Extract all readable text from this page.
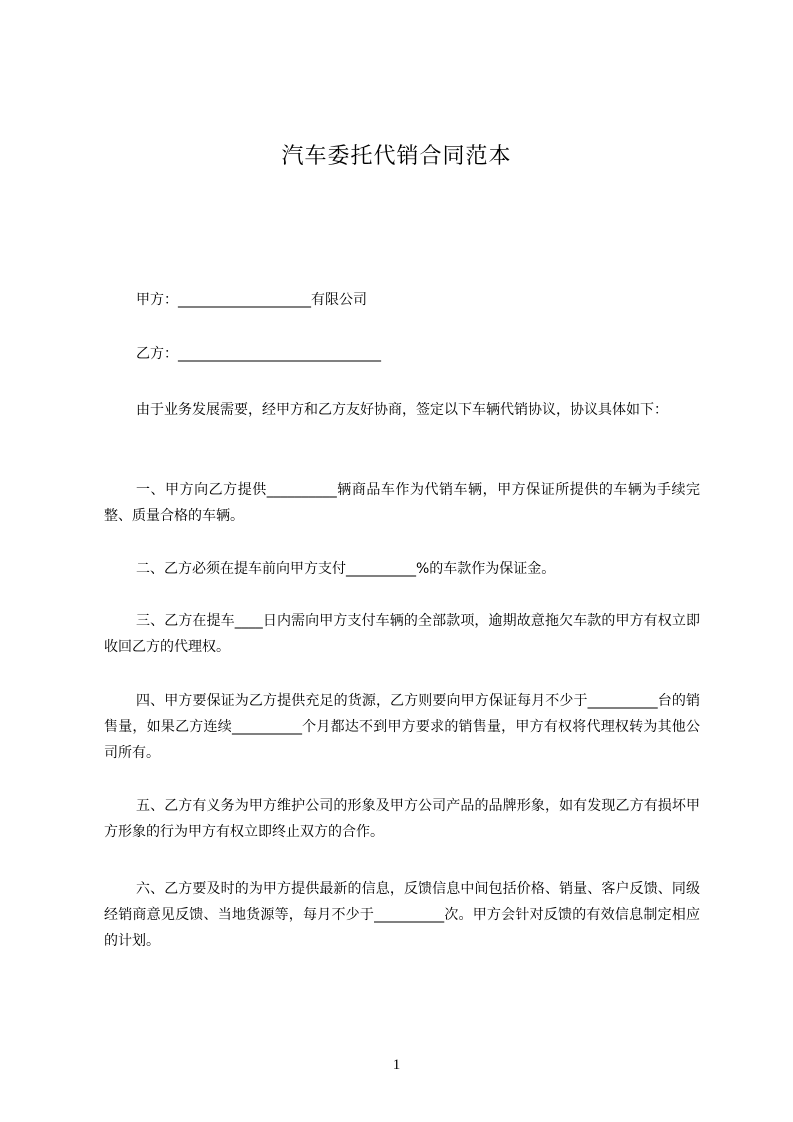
汽车委托代销合同范本

甲方：___________________有限公司

乙方：_____________________________

由于业务发展需要，经甲方和乙方友好协商，签定以下车辆代销协议，协议具体如下：

一、甲方向乙方提供__________辆商品车作为代销车辆，甲方保证所提供的车辆为手续完整、质量合格的车辆。

二、乙方必须在提车前向甲方支付__________%的车款作为保证金。

三、乙方在提车____日内需向甲方支付车辆的全部款项，逾期故意拖欠车款的甲方有权立即收回乙方的代理权。

四、甲方要保证为乙方提供充足的货源，乙方则要向甲方保证每月不少于__________台的销售量，如果乙方连续__________个月都达不到甲方要求的销售量，甲方有权将代理权转为其他公司所有。

五、乙方有义务为甲方维护公司的形象及甲方公司产品的品牌形象，如有发现乙方有损坏甲方形象的行为甲方有权立即终止双方的合作。

六、乙方要及时的为甲方提供最新的信息，反馈信息中间包括价格、销量、客户反馈、同级经销商意见反馈、当地货源等，每月不少于__________次。甲方会针对反馈的有效信息制定相应的计划。

1
